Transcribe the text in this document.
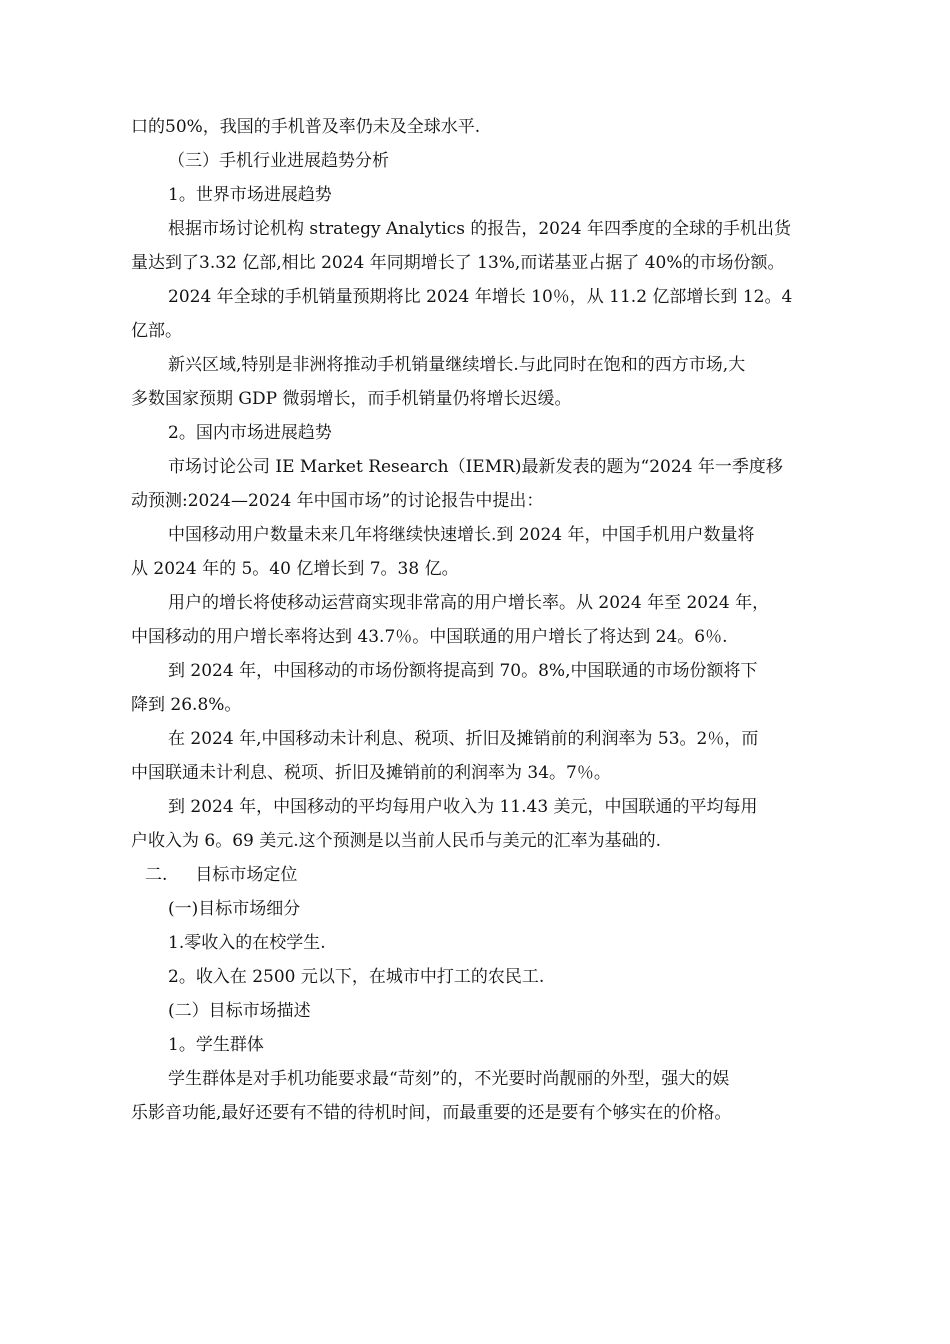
口的50%，我国的手机普及率仍未及全球水平.

（三）手机行业进展趋势分析

1。世界市场进展趋势

根据市场讨论机构 strategy Analytics 的报告，2024 年四季度的全球的手机出货

量达到了3.32 亿部,相比 2024 年同期增长了 13%,而诺基亚占据了 40%的市场份额。

2024 年全球的手机销量预期将比 2024 年增长 10％，从 11.2 亿部增长到 12。4

亿部。

新兴区域,特别是非洲将推动手机销量继续增长.与此同时在饱和的西方市场,大

多数国家预期 GDP 微弱增长，而手机销量仍将增长迟缓。

2。国内市场进展趋势

市场讨论公司 IE Market Research（IEMR)最新发表的题为“2024 年一季度移

动预测:2024—2024 年中国市场”的讨论报告中提出：

中国移动用户数量未来几年将继续快速增长.到 2024 年，中国手机用户数量将

从 2024 年的 5。40 亿增长到 7。38 亿。

用户的增长将使移动运营商实现非常高的用户增长率。从 2024 年至 2024 年，

中国移动的用户增长率将达到 43.7％。中国联通的用户增长了将达到 24。6％.

到 2024 年，中国移动的市场份额将提高到 70。8%,中国联通的市场份额将下

降到 26.8%。

在 2024 年,中国移动未计利息、税项、折旧及摊销前的利润率为 53。2％，而

中国联通未计利息、税项、折旧及摊销前的利润率为 34。7％。

到 2024 年，中国移动的平均每用户收入为 11.43 美元，中国联通的平均每用

户收入为 6。69 美元.这个预测是以当前人民币与美元的汇率为基础的.

二. 目标市场定位

(一)目标市场细分

1.零收入的在校学生.

2。收入在 2500 元以下，在城市中打工的农民工.

(二）目标市场描述

1。学生群体

学生群体是对手机功能要求最“苛刻”的，不光要时尚靓丽的外型，强大的娱

乐影音功能,最好还要有不错的待机时间，而最重要的还是要有个够实在的价格。
